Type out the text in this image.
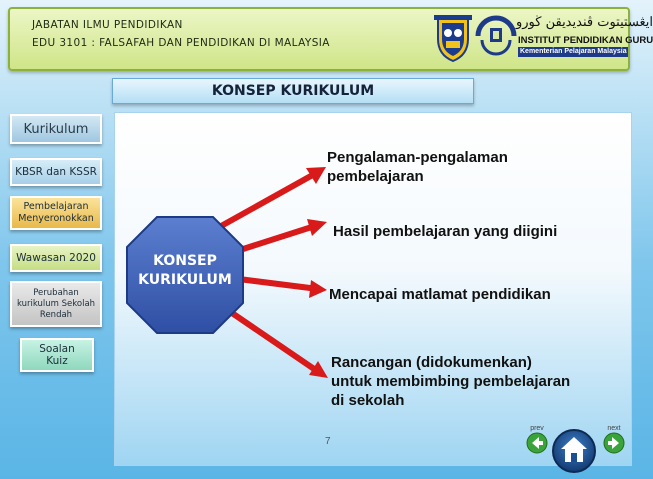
JABATAN ILMU PENDIDIKAN
EDU 3101 : FALSAFAH DAN PENDIDIKAN DI MALAYSIA
ايڠستيتوت ڤنديديقن ڬورو
INSTITUT PENDIDIKAN GURU
Kementerian Pelajaran Malaysia
KONSEP KURIKULUM
Kurikulum
KBSR dan KSSR
Pembelajaran
Menyeronokkan
Wawasan 2020
Perubahan
kurikulum Sekolah
Rendah
Soalan
Kuiz
KONSEP
KURIKULUM
Pengalaman-pengalaman
pembelajaran
Hasil pembelajaran yang diigini
Mencapai matlamat pendidikan
Rancangan (didokumenkan)
untuk membimbing pembelajaran
di sekolah
7
prev	next
